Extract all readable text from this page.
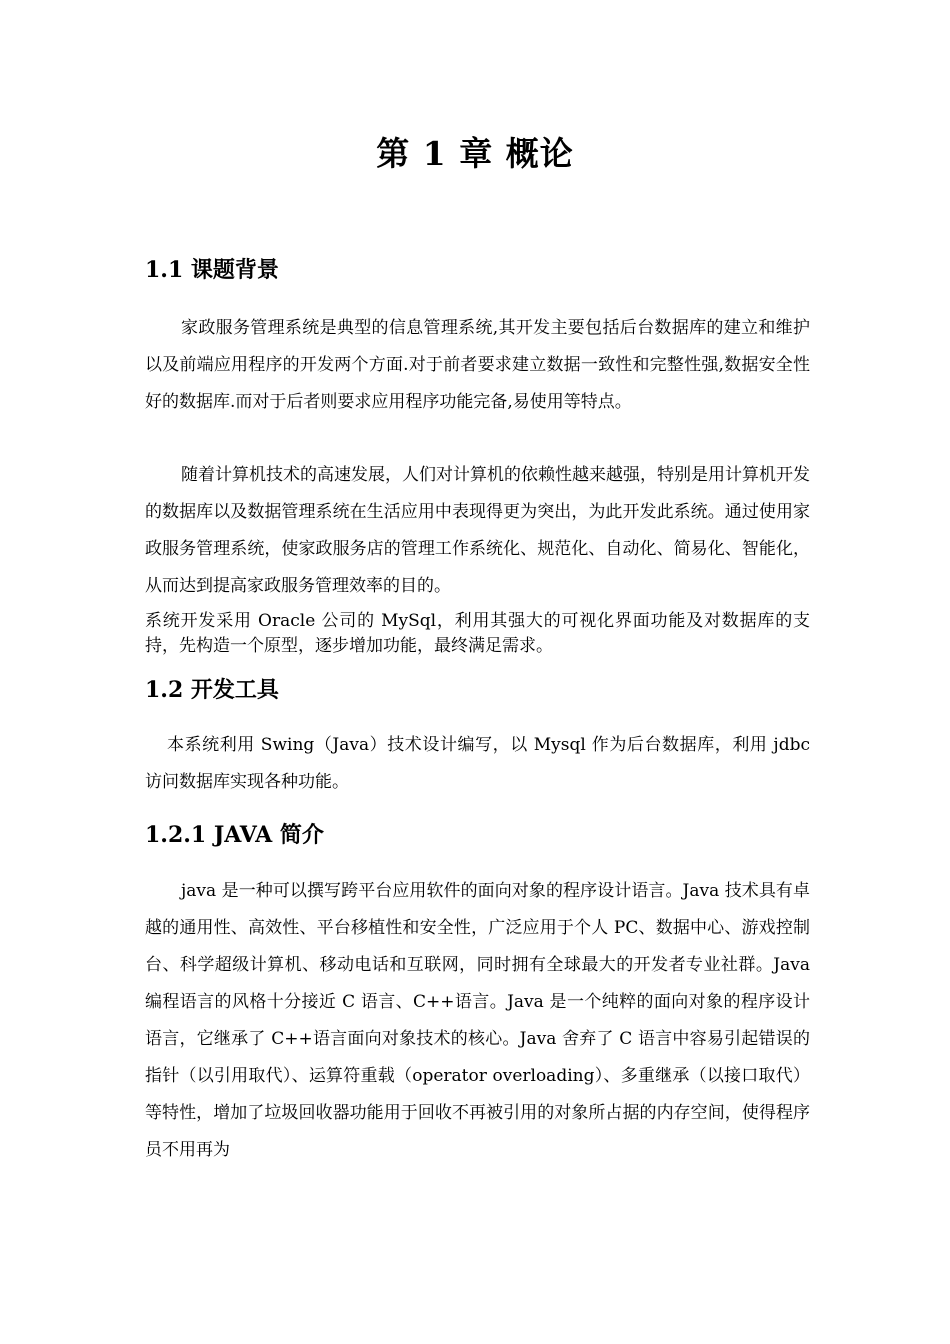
第 1 章 概论
1.1 课题背景

家政服务管理系统是典型的信息管理系统,其开发主要包括后台数据库的建立和维护以及前端应用程序的开发两个方面.对于前者要求建立数据一致性和完整性强,数据安全性好的数据库.而对于后者则要求应用程序功能完备,易使用等特点。

随着计算机技术的高速发展，人们对计算机的依赖性越来越强，特别是用计算机开发的数据库以及数据管理系统在生活应用中表现得更为突出，为此开发此系统。通过使用家政服务管理系统，使家政服务店的管理工作系统化、规范化、自动化、简易化、智能化，从而达到提高家政服务管理效率的目的。

系统开发采用 Oracle 公司的 MySql，利用其强大的可视化界面功能及对数据库的支持，先构造一个原型，逐步增加功能，最终满足需求。

1.2 开发工具

本系统利用 Swing（Java）技术设计编写，以 Mysql 作为后台数据库，利用 jdbc 访问数据库实现各种功能。

1.2.1 JAVA 简介

java 是一种可以撰写跨平台应用软件的面向对象的程序设计语言。Java 技术具有卓越的通用性、高效性、平台移植性和安全性，广泛应用于个人 PC、数据中心、游戏控制台、科学超级计算机、移动电话和互联网，同时拥有全球最大的开发者专业社群。Java 编程语言的风格十分接近 C 语言、C++语言。Java 是一个纯粹的面向对象的程序设计语言，它继承了 C++语言面向对象技术的核心。Java 舍弃了 C 语言中容易引起错误的指针（以引用取代）、运算符重载（operator overloading）、多重继承（以接口取代）等特性，增加了垃圾回收器功能用于回收不再被引用的对象所占据的内存空间，使得程序员不用再为
